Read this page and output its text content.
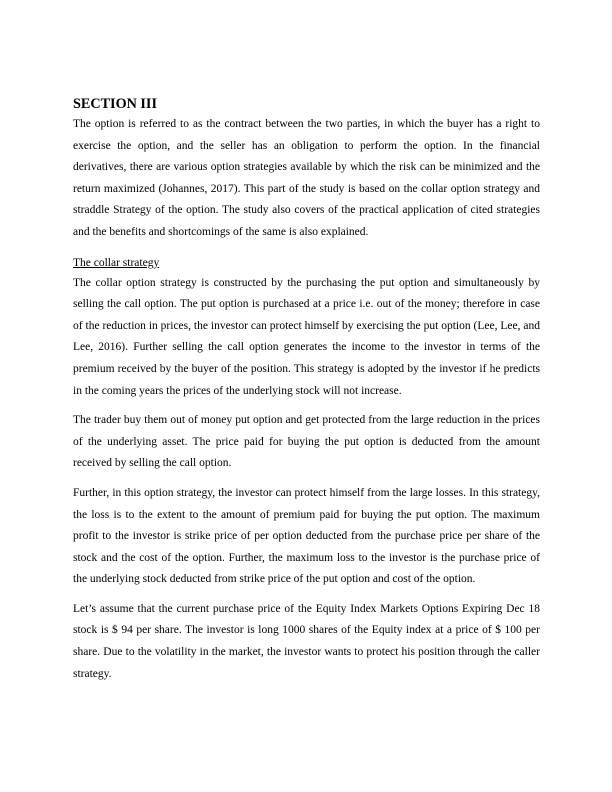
SECTION III

The option is referred to as the contract between the two parties, in which the buyer has a right to exercise the option, and the seller has an obligation to perform the option. In the financial derivatives, there are various option strategies available by which the risk can be minimized and the return maximized (Johannes, 2017). This part of the study is based on the collar option strategy and straddle Strategy of the option. The study also covers of the practical application of cited strategies and the benefits and shortcomings of the same is also explained.

The collar strategy

The collar option strategy is constructed by the purchasing the put option and simultaneously by selling the call option. The put option is purchased at a price i.e. out of the money; therefore in case of the reduction in prices, the investor can protect himself by exercising the put option (Lee, Lee, and Lee, 2016). Further selling the call option generates the income to the investor in terms of the premium received by the buyer of the position. This strategy is adopted by the investor if he predicts in the coming years the prices of the underlying stock will not increase.

The trader buy them out of money put option and get protected from the large reduction in the prices of the underlying asset. The price paid for buying the put option is deducted from the amount received by selling the call option.

Further, in this option strategy, the investor can protect himself from the large losses. In this strategy, the loss is to the extent to the amount of premium paid for buying the put option. The maximum profit to the investor is strike price of per option deducted from the purchase price per share of the stock and the cost of the option. Further, the maximum loss to the investor is the purchase price of the underlying stock deducted from strike price of the put option and cost of the option.

Let’s assume that the current purchase price of the Equity Index Markets Options Expiring Dec 18 stock is $ 94 per share. The investor is long 1000 shares of the Equity index at a price of $ 100 per share. Due to the volatility in the market, the investor wants to protect his position through the caller strategy.
